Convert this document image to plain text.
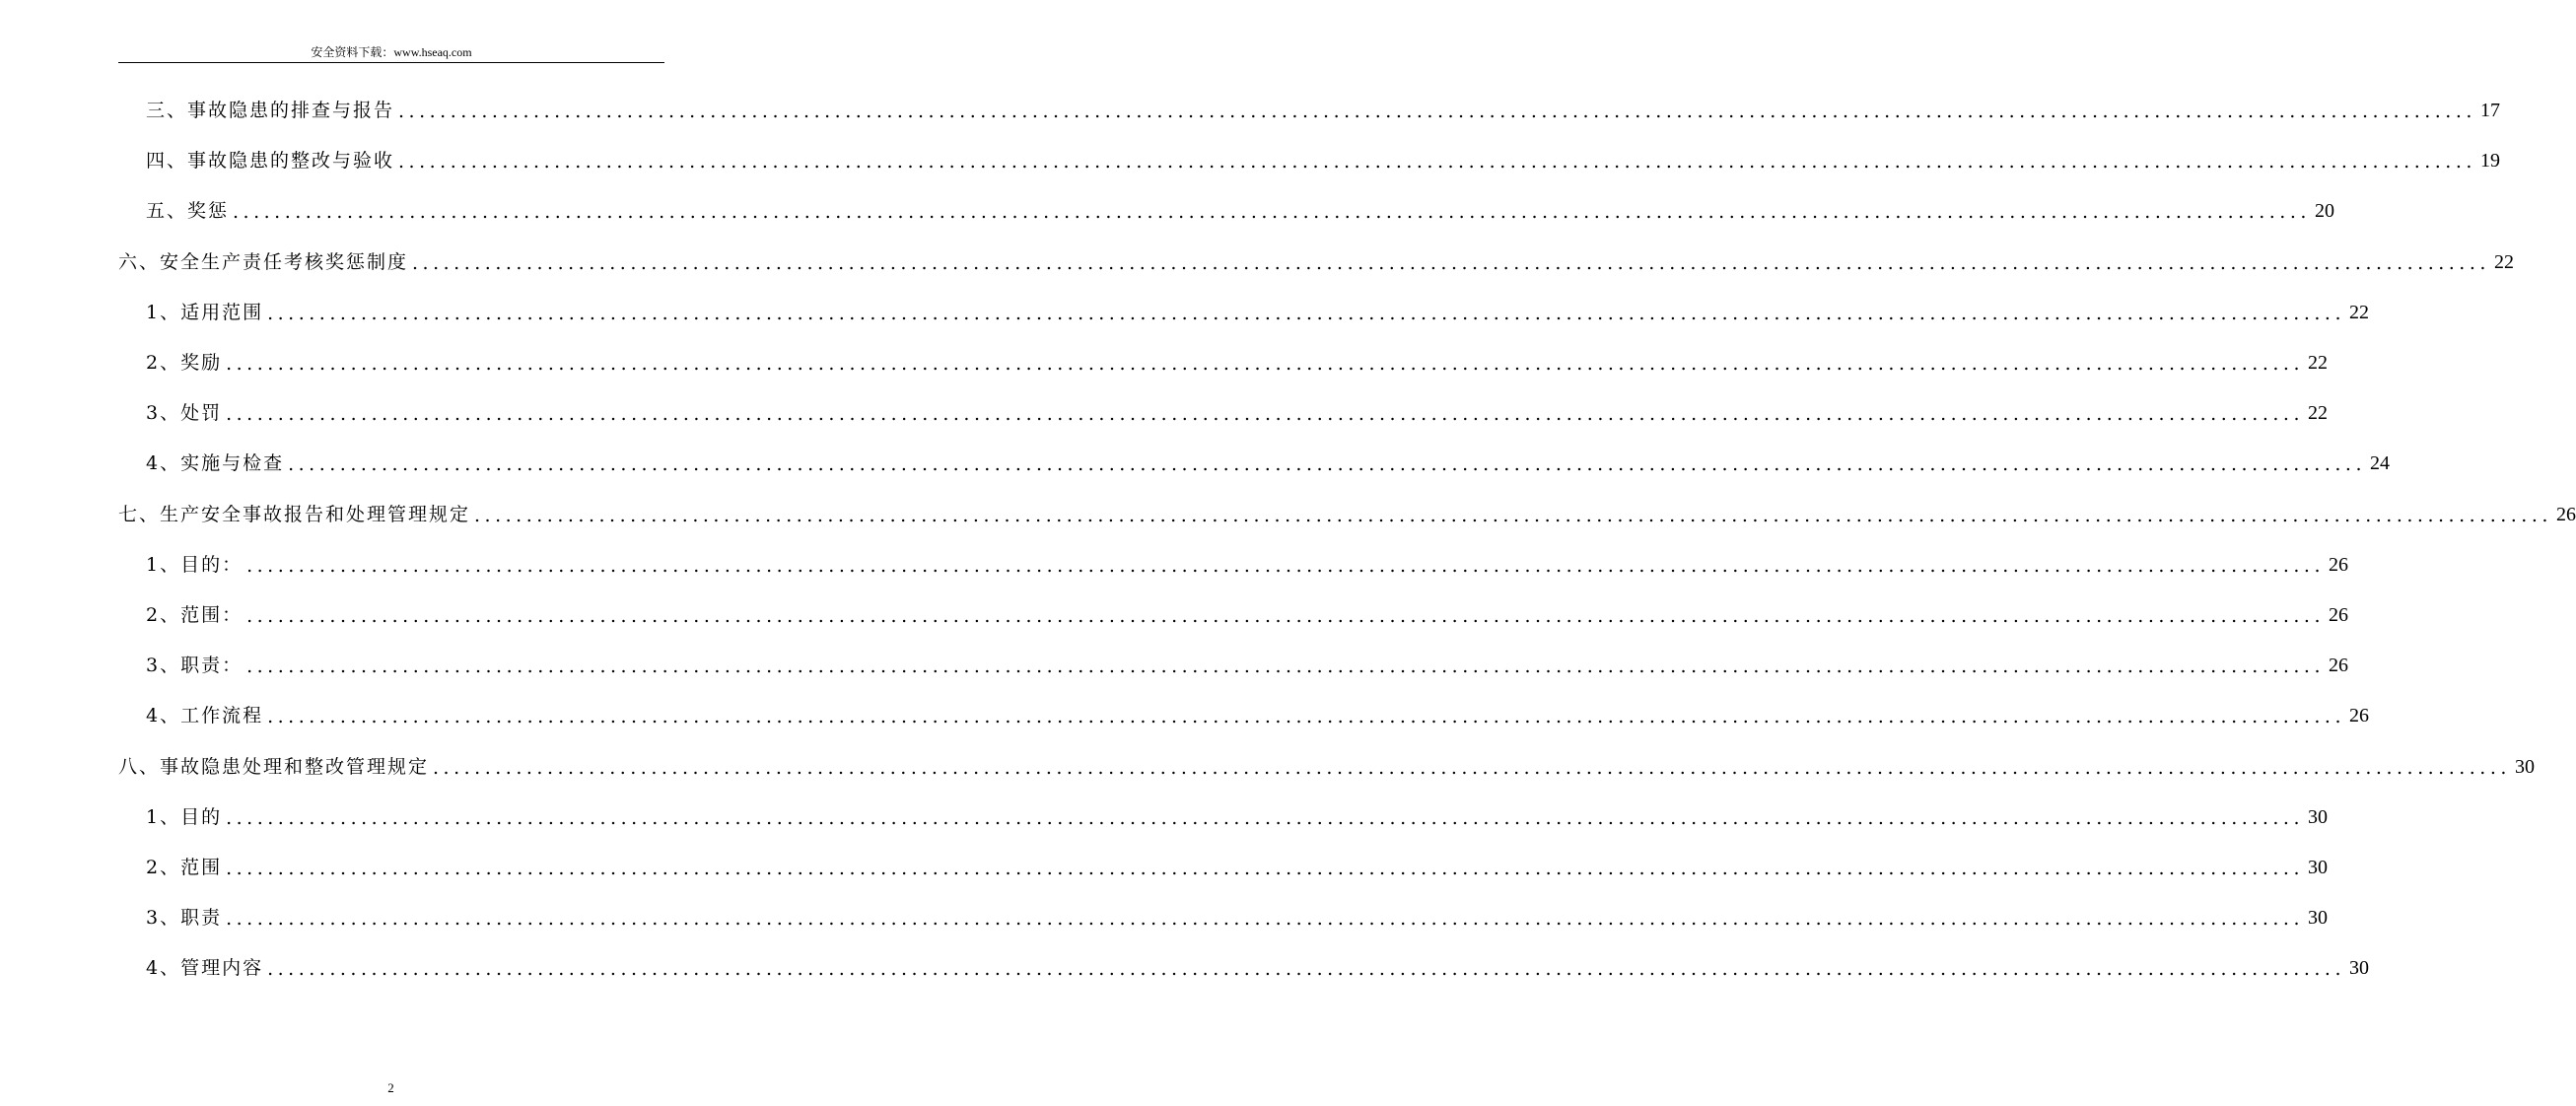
安全资料下载：www.hseaq.com
三、事故隐患的排查与报告 ........................................................................................................................................................................................................ 17
四、事故隐患的整改与验收 ........................................................................................................................................................................................................ 19
五、奖惩 ........................................................................................................................................................................................................ 20
六、安全生产责任考核奖惩制度 ........................................................................................................................................................................................................ 22
1、适用范围 ........................................................................................................................................................................................................ 22
2、奖励 ........................................................................................................................................................................................................ 22
3、处罚 ........................................................................................................................................................................................................ 22
4、实施与检查 ........................................................................................................................................................................................................ 24
七、生产安全事故报告和处理管理规定 ........................................................................................................................................................................................................ 26
1、目的： ........................................................................................................................................................................................................ 26
2、范围： ........................................................................................................................................................................................................ 26
3、职责： ........................................................................................................................................................................................................ 26
4、工作流程 ........................................................................................................................................................................................................ 26
八、事故隐患处理和整改管理规定 ........................................................................................................................................................................................................ 30
1、目的 ........................................................................................................................................................................................................ 30
2、范围 ........................................................................................................................................................................................................ 30
3、职责 ........................................................................................................................................................................................................ 30
4、管理内容 ........................................................................................................................................................................................................ 30
2
